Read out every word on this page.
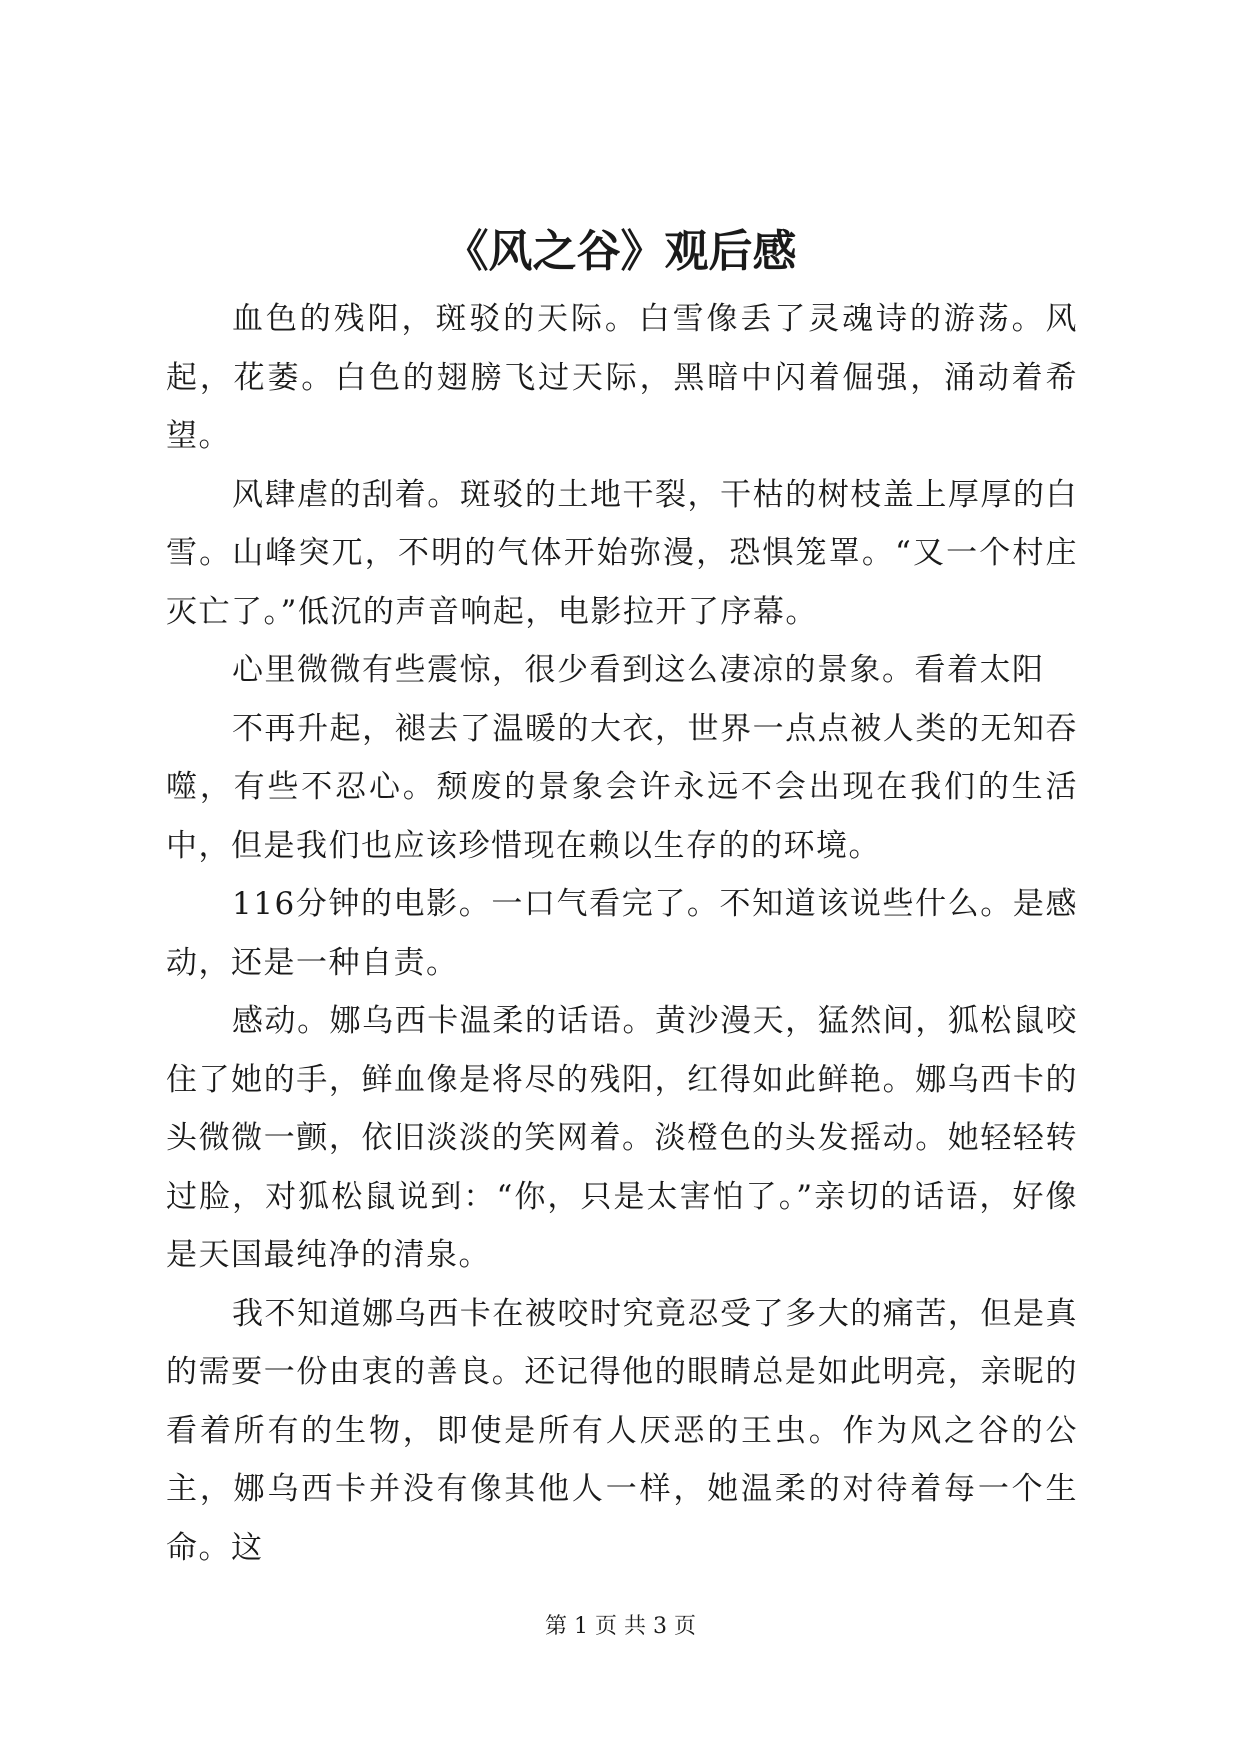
《风之谷》观后感

血色的残阳，斑驳的天际。白雪像丢了灵魂诗的游荡。风起，花萎。白色的翅膀飞过天际，黑暗中闪着倔强，涌动着希望。

风肆虐的刮着。斑驳的土地干裂，干枯的树枝盖上厚厚的白雪。山峰突兀，不明的气体开始弥漫，恐惧笼罩。“又一个村庄灭亡了。”低沉的声音响起，电影拉开了序幕。

心里微微有些震惊，很少看到这么凄凉的景象。看着太阳

不再升起，褪去了温暖的大衣，世界一点点被人类的无知吞噬，有些不忍心。颓废的景象会许永远不会出现在我们的生活中，但是我们也应该珍惜现在赖以生存的的环境。

116分钟的电影。一口气看完了。不知道该说些什么。是感动，还是一种自责。

感动。娜乌西卡温柔的话语。黄沙漫天，猛然间，狐松鼠咬住了她的手，鲜血像是将尽的残阳，红得如此鲜艳。娜乌西卡的头微微一颤，依旧淡淡的笑网着。淡橙色的头发摇动。她轻轻转过脸，对狐松鼠说到：“你，只是太害怕了。”亲切的话语，好像是天国最纯净的清泉。

我不知道娜乌西卡在被咬时究竟忍受了多大的痛苦，但是真的需要一份由衷的善良。还记得他的眼睛总是如此明亮，亲昵的看着所有的生物，即使是所有人厌恶的王虫。作为风之谷的公主，娜乌西卡并没有像其他人一样，她温柔的对待着每一个生命。这

第 1 页 共 3 页
